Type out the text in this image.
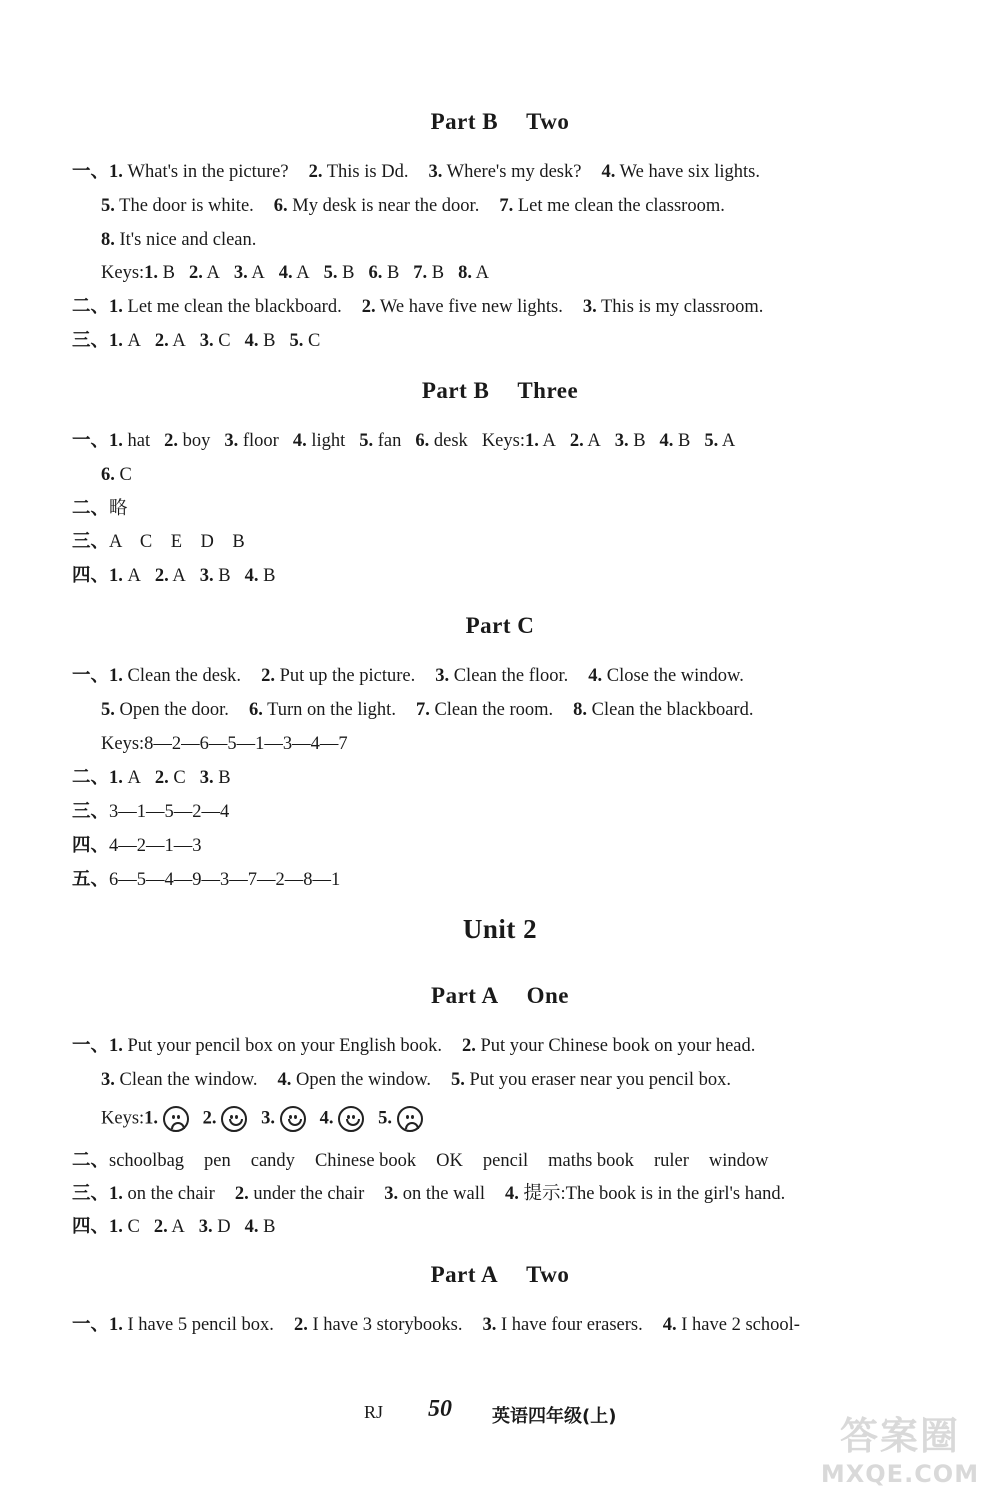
Part B Two
一、1. What's in the picture? 2. This is Dd. 3. Where's my desk? 4. We have six lights.
5. The door is white. 6. My desk is near the door. 7. Let me clean the classroom.
8. It's nice and clean.
Keys:1. B 2. A 3. A 4. A 5. B 6. B 7. B 8. A
二、1. Let me clean the blackboard. 2. We have five new lights. 3. This is my classroom.
三、1. A 2. A 3. C 4. B 5. C
Part B Three
一、1. hat 2. boy 3. floor 4. light 5. fan 6. desk Keys:1. A 2. A 3. B 4. B 5. A
6. C
二、略
三、A　C　E　D　B
四、1. A 2. A 3. B 4. B
Part C
一、1. Clean the desk. 2. Put up the picture. 3. Clean the floor. 4. Close the window.
5. Open the door. 6. Turn on the light. 7. Clean the room. 8. Clean the blackboard.
Keys:8—2—6—5—1—3—4—7
二、1. A 2. C 3. B
三、3—1—5—2—4
四、4—2—1—3
五、6—5—4—9—3—7—2—8—1
Unit 2
Part A One
一、1. Put your pencil box on your English book. 2. Put your Chinese book on your head.
3. Clean the window. 4. Open the window. 5. Put you eraser near you pencil box.
Keys:1. 2. 3. 4. 5.
二、schoolbag pen candy Chinese book OK pencil maths book ruler window
三、1. on the chair 2. under the chair 3. on the wall 4. 提示:The book is in the girl's hand.
四、1. C 2. A 3. D 4. B
Part A Two
一、1. I have 5 pencil box. 2. I have 3 storybooks. 3. I have four erasers. 4. I have 2 school-
RJ 50 英语四年级(上)	答案圈
MXQE.COM
